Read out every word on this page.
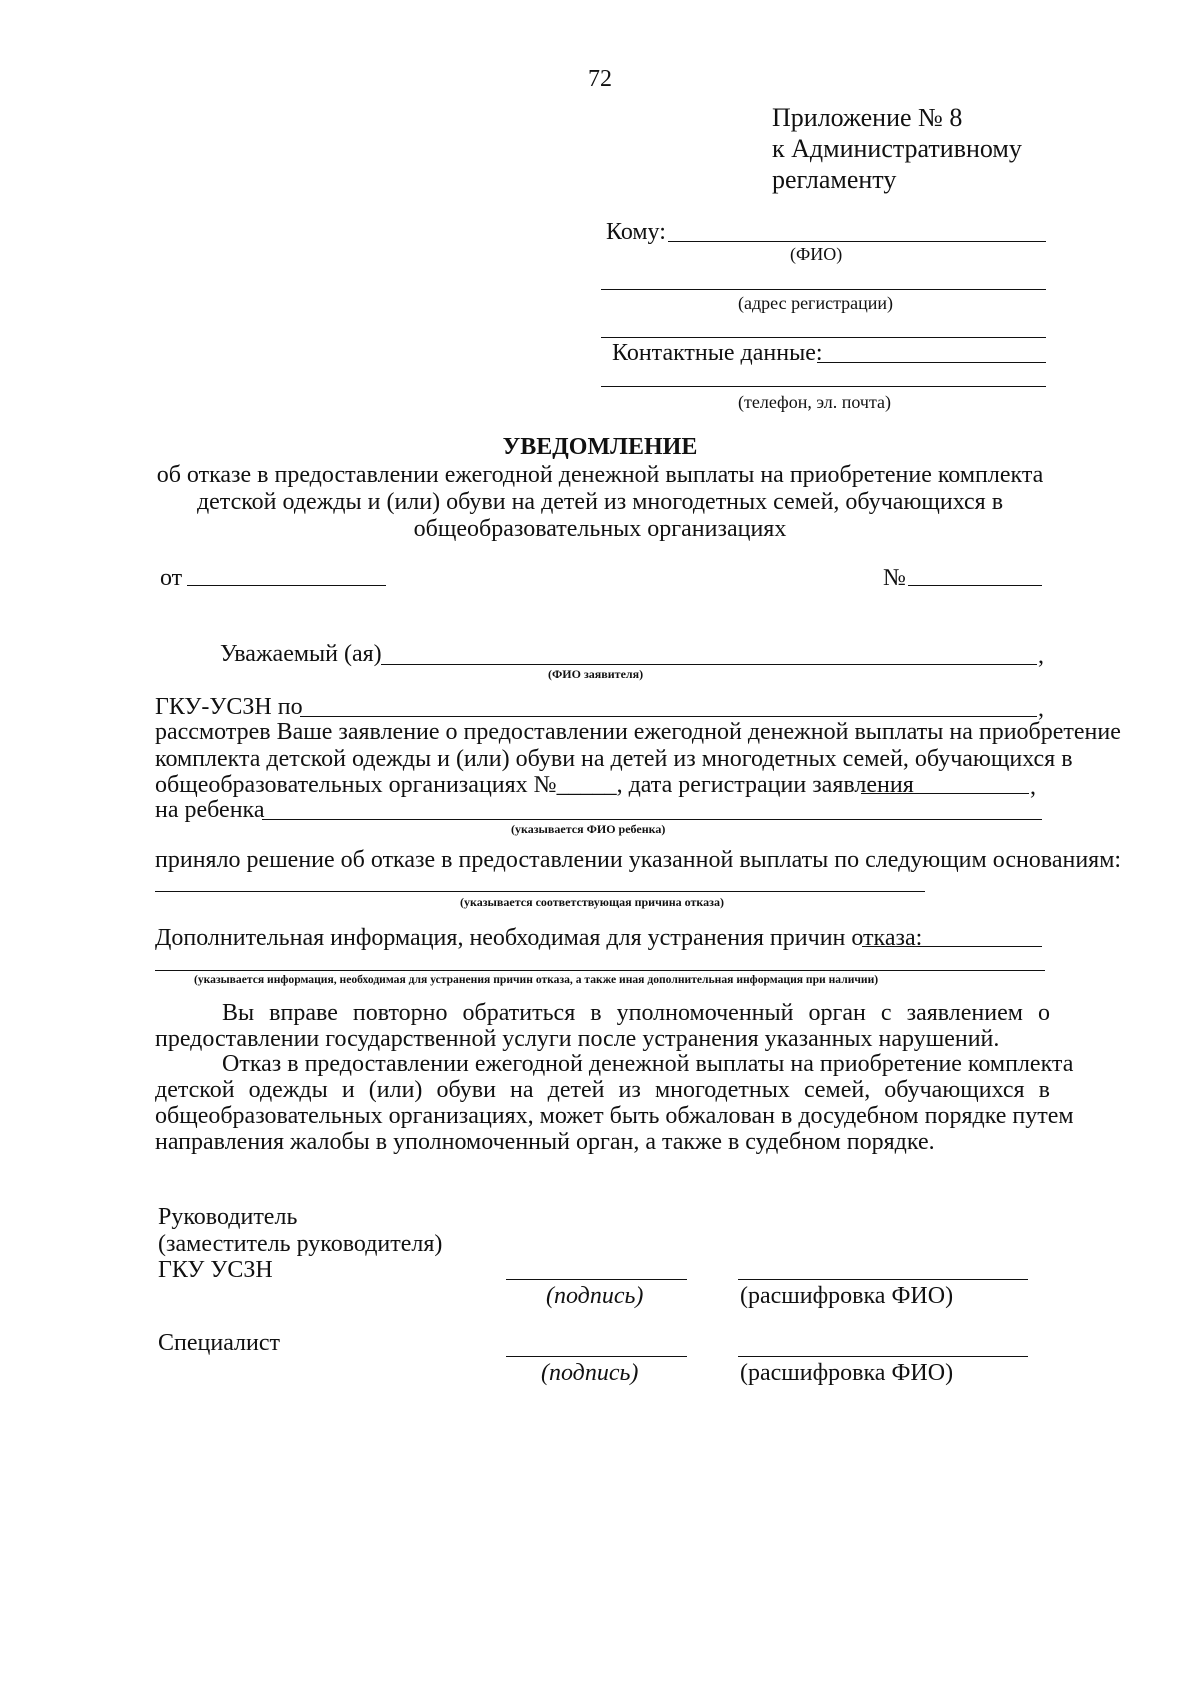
72
Приложение № 8
к Административному
регламенту
Кому:
(ФИО)
(адрес регистрации)
Контактные данные:
(телефон, эл. почта)
УВЕДОМЛЕНИЕ
об отказе в предоставлении ежегодной денежной выплаты на приобретение комплекта
детской одежды и (или) обуви на детей из многодетных семей, обучающихся в
общеобразовательных организациях
от	№
Уважаемый (ая)	,
(ФИО заявителя)
ГКУ-УСЗН по	,
рассмотрев Ваше заявление о предоставлении ежегодной денежной выплаты на приобретение
комплекта детской одежды и (или) обуви на детей из многодетных семей, обучающихся в
общеобразовательных организациях №_____, дата регистрации заявления	,
на ребенка
(указывается ФИО ребенка)
приняло решение об отказе в предоставлении указанной выплаты по следующим основаниям:
(указывается соответствующая причина отказа)
Дополнительная информация, необходимая для устранения причин отказа:
(указывается информация, необходимая для устранения причин отказа, а также иная дополнительная информация при наличии)
Вы вправе повторно обратиться в уполномоченный орган с заявлением о
предоставлении государственной услуги после устранения указанных нарушений.
Отказ в предоставлении ежегодной денежной выплаты на приобретение комплекта
детской одежды и (или) обуви на детей из многодетных семей, обучающихся в
общеобразовательных организациях, может быть обжалован в досудебном порядке путем
направления жалобы в уполномоченный орган, а также в судебном порядке.
Руководитель
(заместитель руководителя)
ГКУ УСЗН
(подпись)	(расшифровка ФИО)
Специалист
(подпись)	(расшифровка ФИО)
